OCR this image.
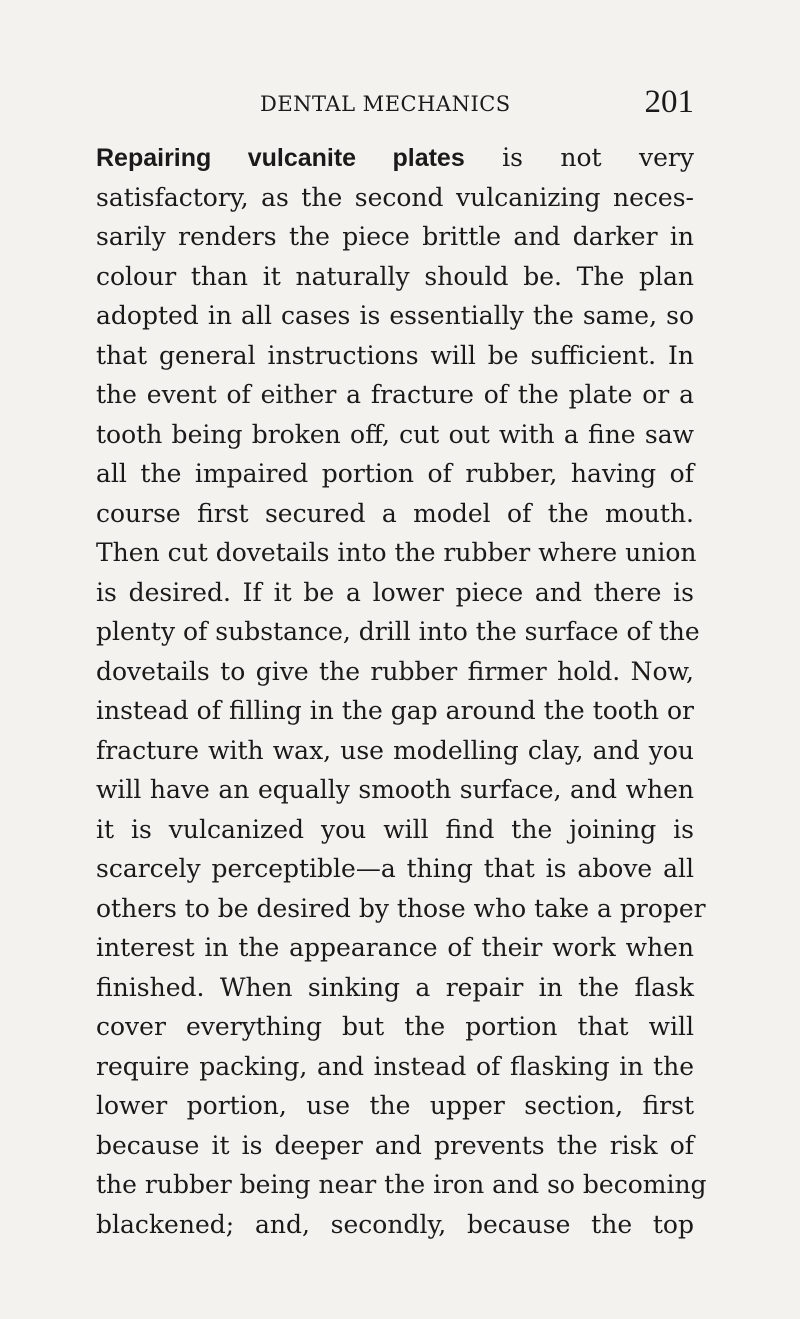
DENTAL MECHANICS	201
Repairing vulcanite plates is not very
satisfactory, as the second vulcanizing neces-
sarily renders the piece brittle and darker in
colour than it naturally should be. The plan
adopted in all cases is essentially the same, so
that general instructions will be sufficient. In
the event of either a fracture of the plate or a
tooth being broken off, cut out with a fine saw
all the impaired portion of rubber, having of
course first secured a model of the mouth.
Then cut dovetails into the rubber where union
is desired. If it be a lower piece and there is
plenty of substance, drill into the surface of the
dovetails to give the rubber firmer hold. Now,
instead of filling in the gap around the tooth or
fracture with wax, use modelling clay, and you
will have an equally smooth surface, and when
it is vulcanized you will find the joining is
scarcely perceptible—a thing that is above all
others to be desired by those who take a proper
interest in the appearance of their work when
finished. When sinking a repair in the flask
cover everything but the portion that will
require packing, and instead of flasking in the
lower portion, use the upper section, first
because it is deeper and prevents the risk of
the rubber being near the iron and so becoming
blackened; and, secondly, because the top
